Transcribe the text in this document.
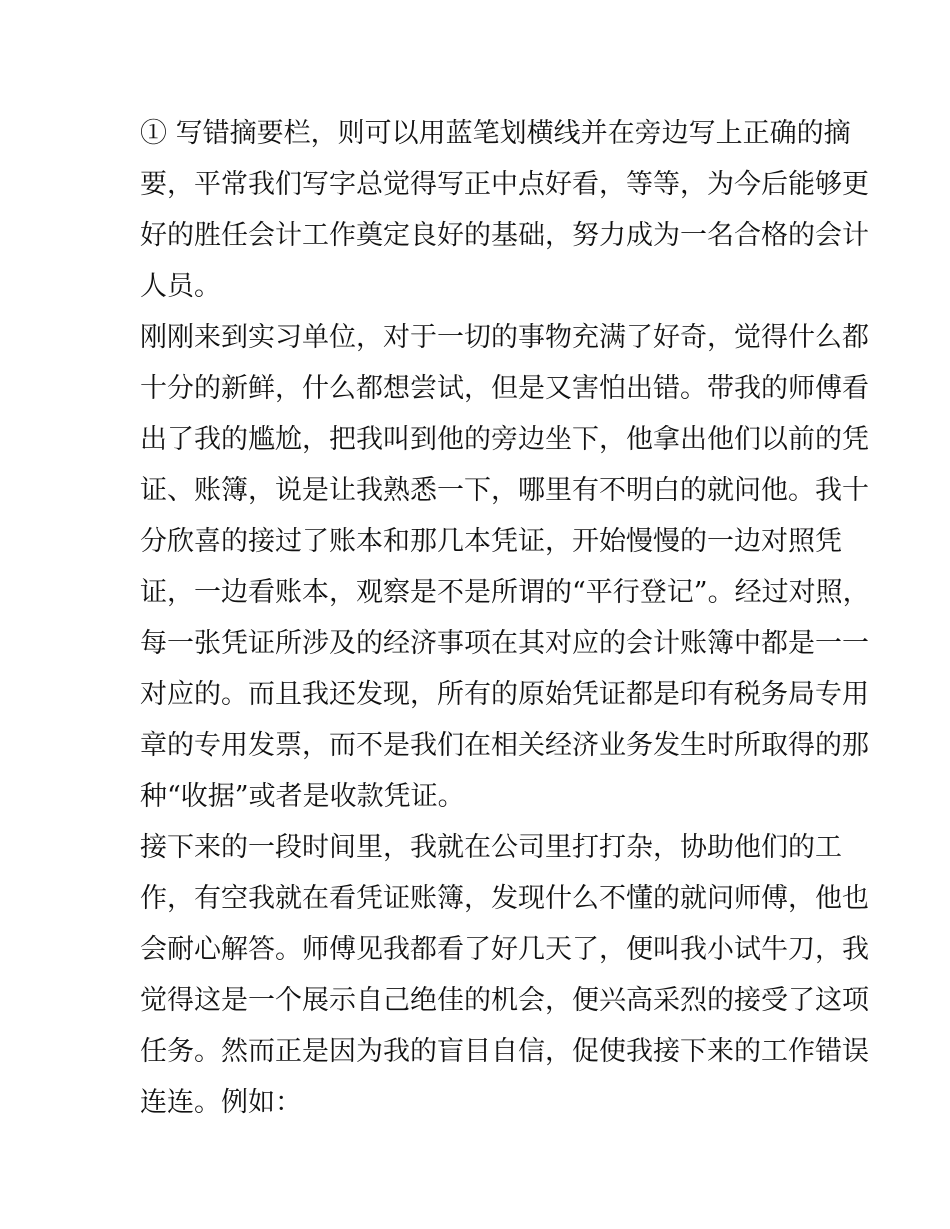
① 写错摘要栏，则可以用蓝笔划横线并在旁边写上正确的摘
要，平常我们写字总觉得写正中点好看，等等，为今后能够更
好的胜任会计工作奠定良好的基础，努力成为一名合格的会计
人员。
刚刚来到实习单位，对于一切的事物充满了好奇，觉得什么都
十分的新鲜，什么都想尝试，但是又害怕出错。带我的师傅看
出了我的尴尬，把我叫到他的旁边坐下，他拿出他们以前的凭
证、账簿，说是让我熟悉一下，哪里有不明白的就问他。我十
分欣喜的接过了账本和那几本凭证，开始慢慢的一边对照凭
证，一边看账本，观察是不是所谓的“平行登记”。经过对照，
每一张凭证所涉及的经济事项在其对应的会计账簿中都是一一
对应的。而且我还发现，所有的原始凭证都是印有税务局专用
章的专用发票，而不是我们在相关经济业务发生时所取得的那
种“收据”或者是收款凭证。
接下来的一段时间里，我就在公司里打打杂，协助他们的工
作，有空我就在看凭证账簿，发现什么不懂的就问师傅，他也
会耐心解答。师傅见我都看了好几天了，便叫我小试牛刀，我
觉得这是一个展示自己绝佳的机会，便兴高采烈的接受了这项
任务。然而正是因为我的盲目自信，促使我接下来的工作错误
连连。例如：
